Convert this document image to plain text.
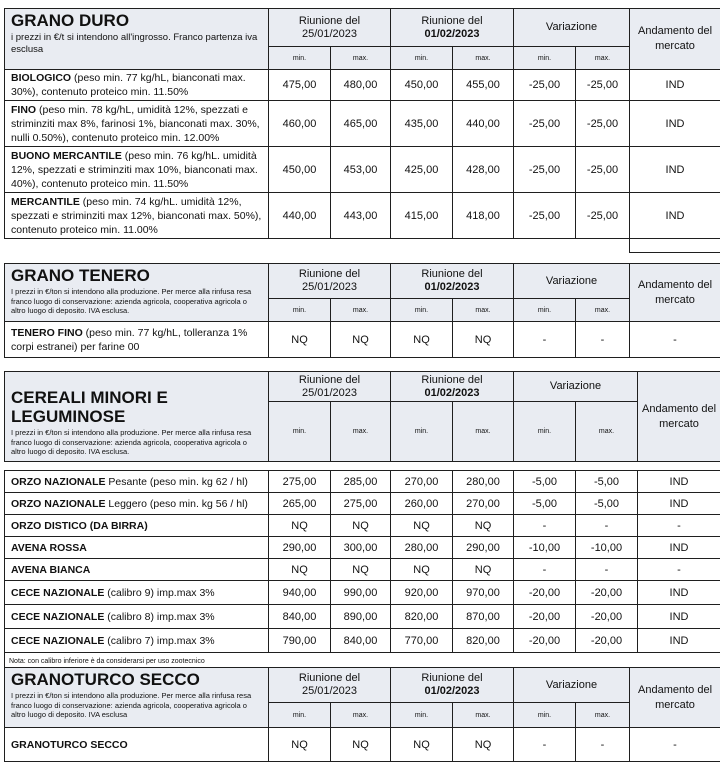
GRANO DURO
i prezzi in €/t si intendono all'ingrosso. Franco partenza iva esclusa	Riunione del
25/01/2023		Riunione del
01/02/2023		Variazione		Andamento del
mercato
	min.	max.	min.	max.	min.	max.	
BIOLOGICO (peso min. 77 kg/hL, bianconati max. 30%), contenuto proteico min. 11.50%	475,00	480,00	450,00	455,00	-25,00	-25,00	IND
FINO (peso min. 78 kg/hL, umidità 12%, spezzati e striminziti max 8%, farinosi 1%, bianconati max. 30%, nulli 0.50%), contenuto proteico min. 12.00%	460,00	465,00	435,00	440,00	-25,00	-25,00	IND
BUONO MERCANTILE (peso min. 76 kg/hL. umidità 12%, spezzati e striminziti max 10%, bianconati max. 40%), contenuto proteico min. 11.50%	450,00	453,00	425,00	428,00	-25,00	-25,00	IND
MERCANTILE (peso min. 74 kg/hL. umidità 12%, spezzati e striminziti max 12%, bianconati max. 50%), contenuto proteico min. 11.00%	440,00	443,00	415,00	418,00	-25,00	-25,00	IND

GRANO TENERO
I prezzi in €/ton si intendono alla produzione. Per merce alla rinfusa resa franco luogo di conservazione: azienda agricola, cooperativa agricola o altro luogo di deposito. IVA esclusa.	Riunione del
25/01/2023		Riunione del
01/02/2023		Variazione		Andamento del
mercato
	min.	max.	min.	max.	min.	max.	
TENERO FINO (peso min. 77 kg/hL, tolleranza 1% corpi estranei) per farine 00	NQ	NQ	NQ	NQ	-	-	-
CEREALI MINORI E LEGUMINOSE
I prezzi in €/ton si intendono alla produzione. Per merce alla rinfusa resa franco luogo di conservazione: azienda agricola, cooperativa agricola o altro luogo di deposito. IVA esclusa.	Riunione del
25/01/2023		Riunione del
01/02/2023		Variazione		Andamento del
mercato
	min.	max.	min.	max.	min.	max.	

ORZO NAZIONALE Pesante (peso min. kg 62 / hl)	275,00	285,00	270,00	280,00	-5,00	-5,00	IND
ORZO NAZIONALE Leggero (peso min. kg 56 / hl)	265,00	275,00	260,00	270,00	-5,00	-5,00	IND
ORZO DISTICO (DA BIRRA)	NQ	NQ	NQ	NQ	-	-	-
AVENA ROSSA	290,00	300,00	280,00	290,00	-10,00	-10,00	IND
AVENA BIANCA	NQ	NQ	NQ	NQ	-	-	-
CECE NAZIONALE (calibro 9) imp.max 3%	940,00	990,00	920,00	970,00	-20,00	-20,00	IND
CECE NAZIONALE (calibro 8) imp.max 3%	840,00	890,00	820,00	870,00	-20,00	-20,00	IND
CECE NAZIONALE (calibro 7) imp.max 3%	790,00	840,00	770,00	820,00	-20,00	-20,00	IND
Nota: con calibro inferiore è da considerarsi per uso zootecnico							
GRANOTURCO SECCO
I prezzi in €/ton si intendono alla produzione. Per merce alla rinfusa resa franco luogo di conservazione: azienda agricola, cooperativa agricola o altro luogo di deposito. IVA esclusa	Riunione del
25/01/2023		Riunione del
01/02/2023		Variazione		Andamento del
mercato
	min.	max.	min.	max.	min.	max.	
GRANOTURCO SECCO	NQ	NQ	NQ	NQ	-	-	-
